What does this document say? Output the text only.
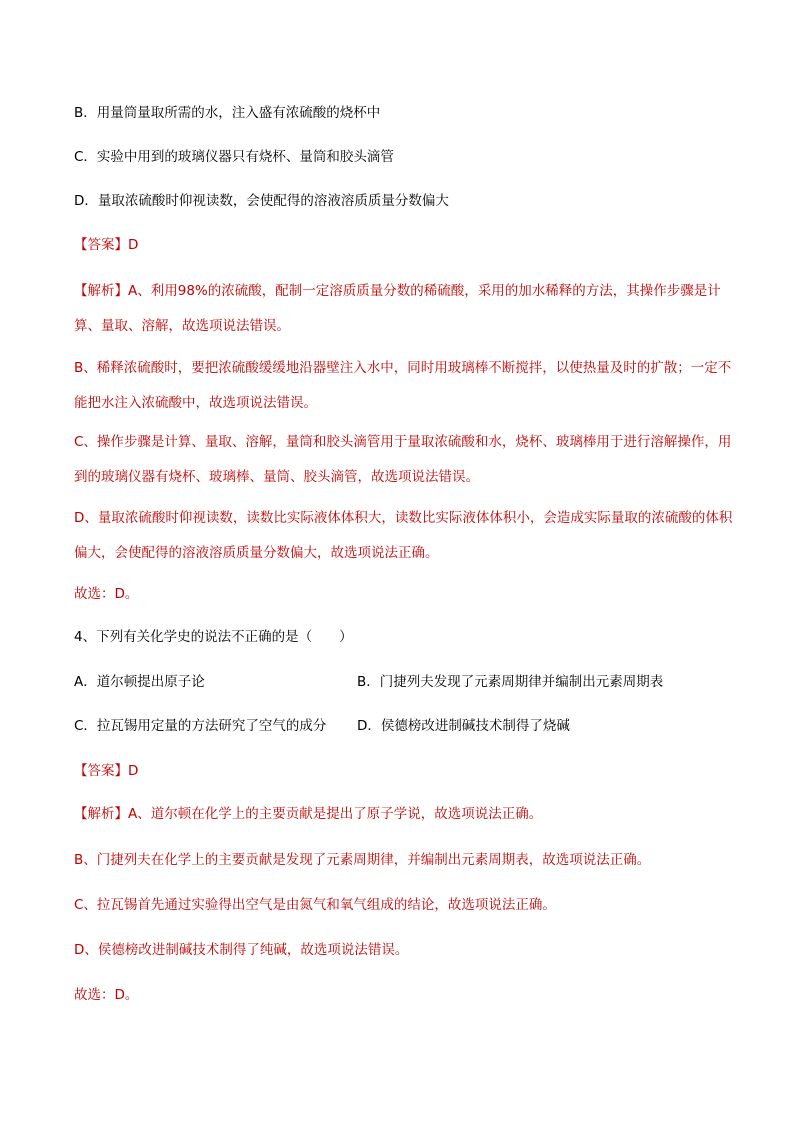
B．用量筒量取所需的水，注入盛有浓硫酸的烧杯中
C．实验中用到的玻璃仪器只有烧杯、量筒和胶头滴管
D．量取浓硫酸时仰视读数，会使配得的溶液溶质质量分数偏大
【答案】D
【解析】A、利用98%的浓硫酸，配制一定溶质质量分数的稀硫酸，采用的加水稀释的方法，其操作步骤是计算、量取、溶解，故选项说法错误。
B、稀释浓硫酸时，要把浓硫酸缓缓地沿器壁注入水中，同时用玻璃棒不断搅拌，以使热量及时的扩散；一定不能把水注入浓硫酸中，故选项说法错误。
C、操作步骤是计算、量取、溶解，量筒和胶头滴管用于量取浓硫酸和水，烧杯、玻璃棒用于进行溶解操作，用到的玻璃仪器有烧杯、玻璃棒、量筒、胶头滴管，故选项说法错误。
D、量取浓硫酸时仰视读数，读数比实际液体体积大，读数比实际液体体积小，会造成实际量取的浓硫酸的体积偏大，会使配得的溶液溶质质量分数偏大，故选项说法正确。
故选：D。
4、下列有关化学史的说法不正确的是（　　）
A．道尔顿提出原子论	B．门捷列夫发现了元素周期律并编制出元素周期表
C．拉瓦锡用定量的方法研究了空气的成分	D．侯德榜改进制碱技术制得了烧碱
【答案】D
【解析】A、道尔顿在化学上的主要贡献是提出了原子学说，故选项说法正确。
B、门捷列夫在化学上的主要贡献是发现了元素周期律，并编制出元素周期表，故选项说法正确。
C、拉瓦锡首先通过实验得出空气是由氮气和氧气组成的结论，故选项说法正确。
D、侯德榜改进制碱技术制得了纯碱，故选项说法错误。
故选：D。
